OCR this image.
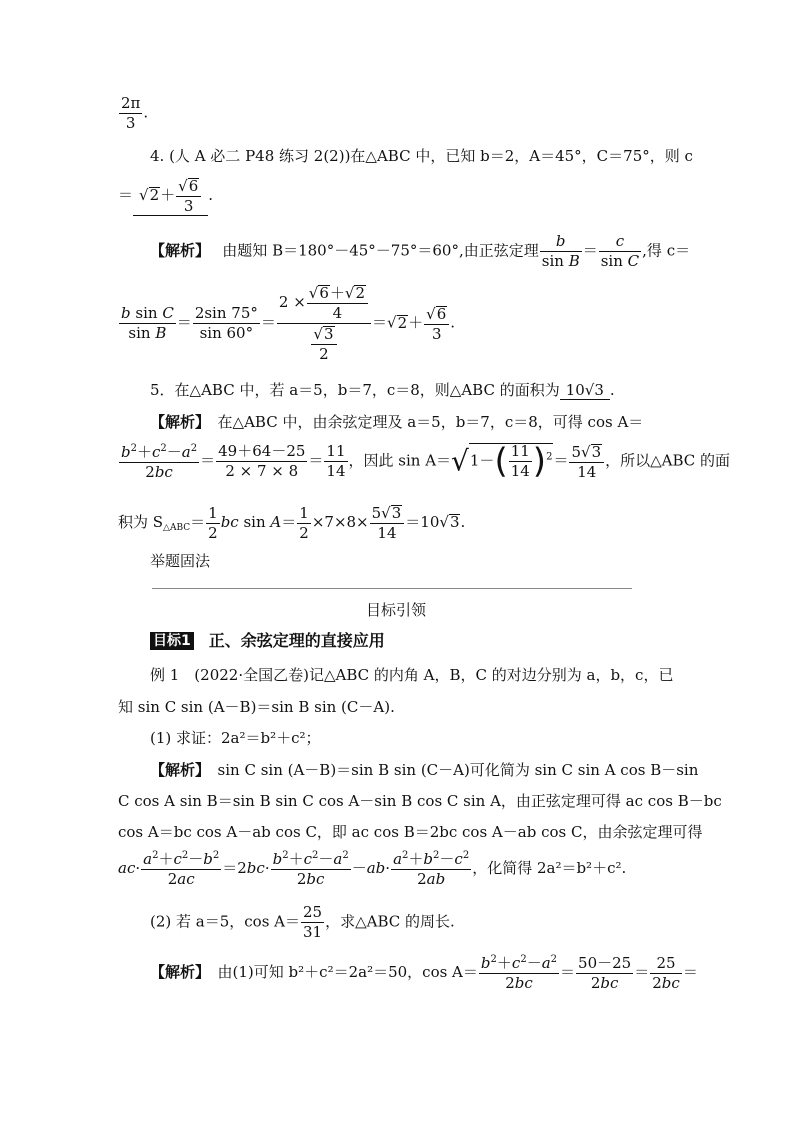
$\frac{2\pi}{3}$ .
4. (人 A 必二 P48 练习 2(2))在△ABC 中，已知 b＝2，A＝45°，C＝75°，则 c
＝ $√2+ \frac{√6}{3}$ .
【解析】　 由题知 B＝180°－45°－75°＝60°,由正弦定理 $\frac{b}{\text{sin B}} = \frac{c}{\text{sin C}}$ ,得 c＝
$\frac{\text{b sin C}}{\text{sin B}} = \frac{2\sin 75^\circ}{\sin 60^\circ} = \frac{2 \times \frac{√6+√2}{4}}{\frac{√3}{2}} =√2+ \frac{√6}{3}$ .
5．在△ABC 中，若 a＝5，b＝7，c＝8，则△ABC 的面积为 10√3 .
【解析】　 在△ABC 中，由余弦定理及 a＝5，b＝7，c＝8，可得 cos A＝
$\frac{b^2+c^2-a^2}{2bc} = \frac{49+64-25}{2 \times 7 \times 8} = \frac{11}{14}$ ，因此 $\sin A=√1-( \frac{11}{14} )^2= \frac{5√3}{14}$ ，所以△ABC 的面
积为 $S_{\triangle ABC}= \frac{1}{2}$ bc $\sin A= \frac{1}{2} \times 7\times 8\times \frac{5√3}{14} =10√3$.
举题固法
目标引领
目标1　 正、余弦定理的直接应用
例 1　(2022·全国乙卷)记△ABC 的内角 A，B，C 的对边分别为 a，b，c，已
知 sin C sin (A－B)＝sin B sin (C－A).
(1) 求证：2a²＝b²＋c²；
【解析】　 sin C sin (A－B)＝sin B sin (C－A)可化简为 sin C sin A cos B－sin
C cos A sin B＝sin B sin C cos A－sin B cos C sin A，由正弦定理可得 ac cos B－bc
cos A＝bc cos A－ab cos C，即 ac cos B＝2bc cos A－ab cos C，由余弦定理可得
$ac\cdot \frac{a^2+c^2-b^2}{2ac} =2bc\cdot \frac{b^2+c^2-a^2}{2bc} -ab\cdot \frac{a^2+b^2-c^2}{2ab}$ ，化简得 2a²＝b²＋c².
(2) 若 a＝5，$\cos A= \frac{25}{31}$ ，求△ABC 的周长.
【解析】　 由(1)可知 b²＋c²＝2a²＝50，$\cos A= \frac{b^2+c^2-a^2}{2bc} = \frac{50-25}{2bc} = \frac{25}{2bc}$ ＝
